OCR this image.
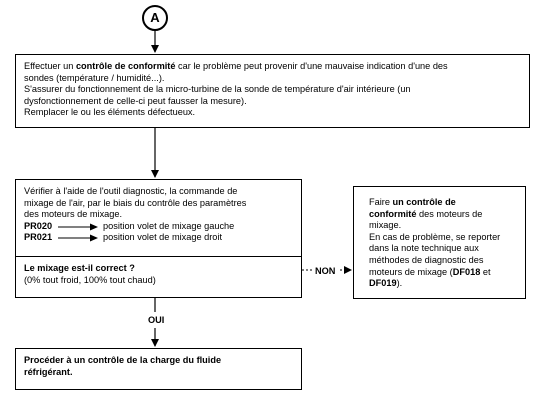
A
Effectuer un contrôle de conformité car le problème peut provenir d'une mauvaise indication d'une des
sondes (température / humidité...).
S'assurer du fonctionnement de la micro-turbine de la sonde de température d'air intérieure (un
dysfonctionnement de celle-ci peut fausser la mesure).
Remplacer le ou les éléments défectueux.
Vérifier à l'aide de l'outil diagnostic, la commande de
mixage de l'air, par le biais du contrôle des paramètres
des moteurs de mixage.
PR020	position volet de mixage gauche
PR021	position volet de mixage droit
Le mixage est-il correct ?
(0% tout froid, 100% tout chaud)
NON
Faire un contrôle de
conformité des moteurs de
mixage.
En cas de problème, se reporter
dans la note technique aux
méthodes de diagnostic des
moteurs de mixage (DF018 et
DF019).
OUI
Procéder à un contrôle de la charge du fluide
réfrigérant.
